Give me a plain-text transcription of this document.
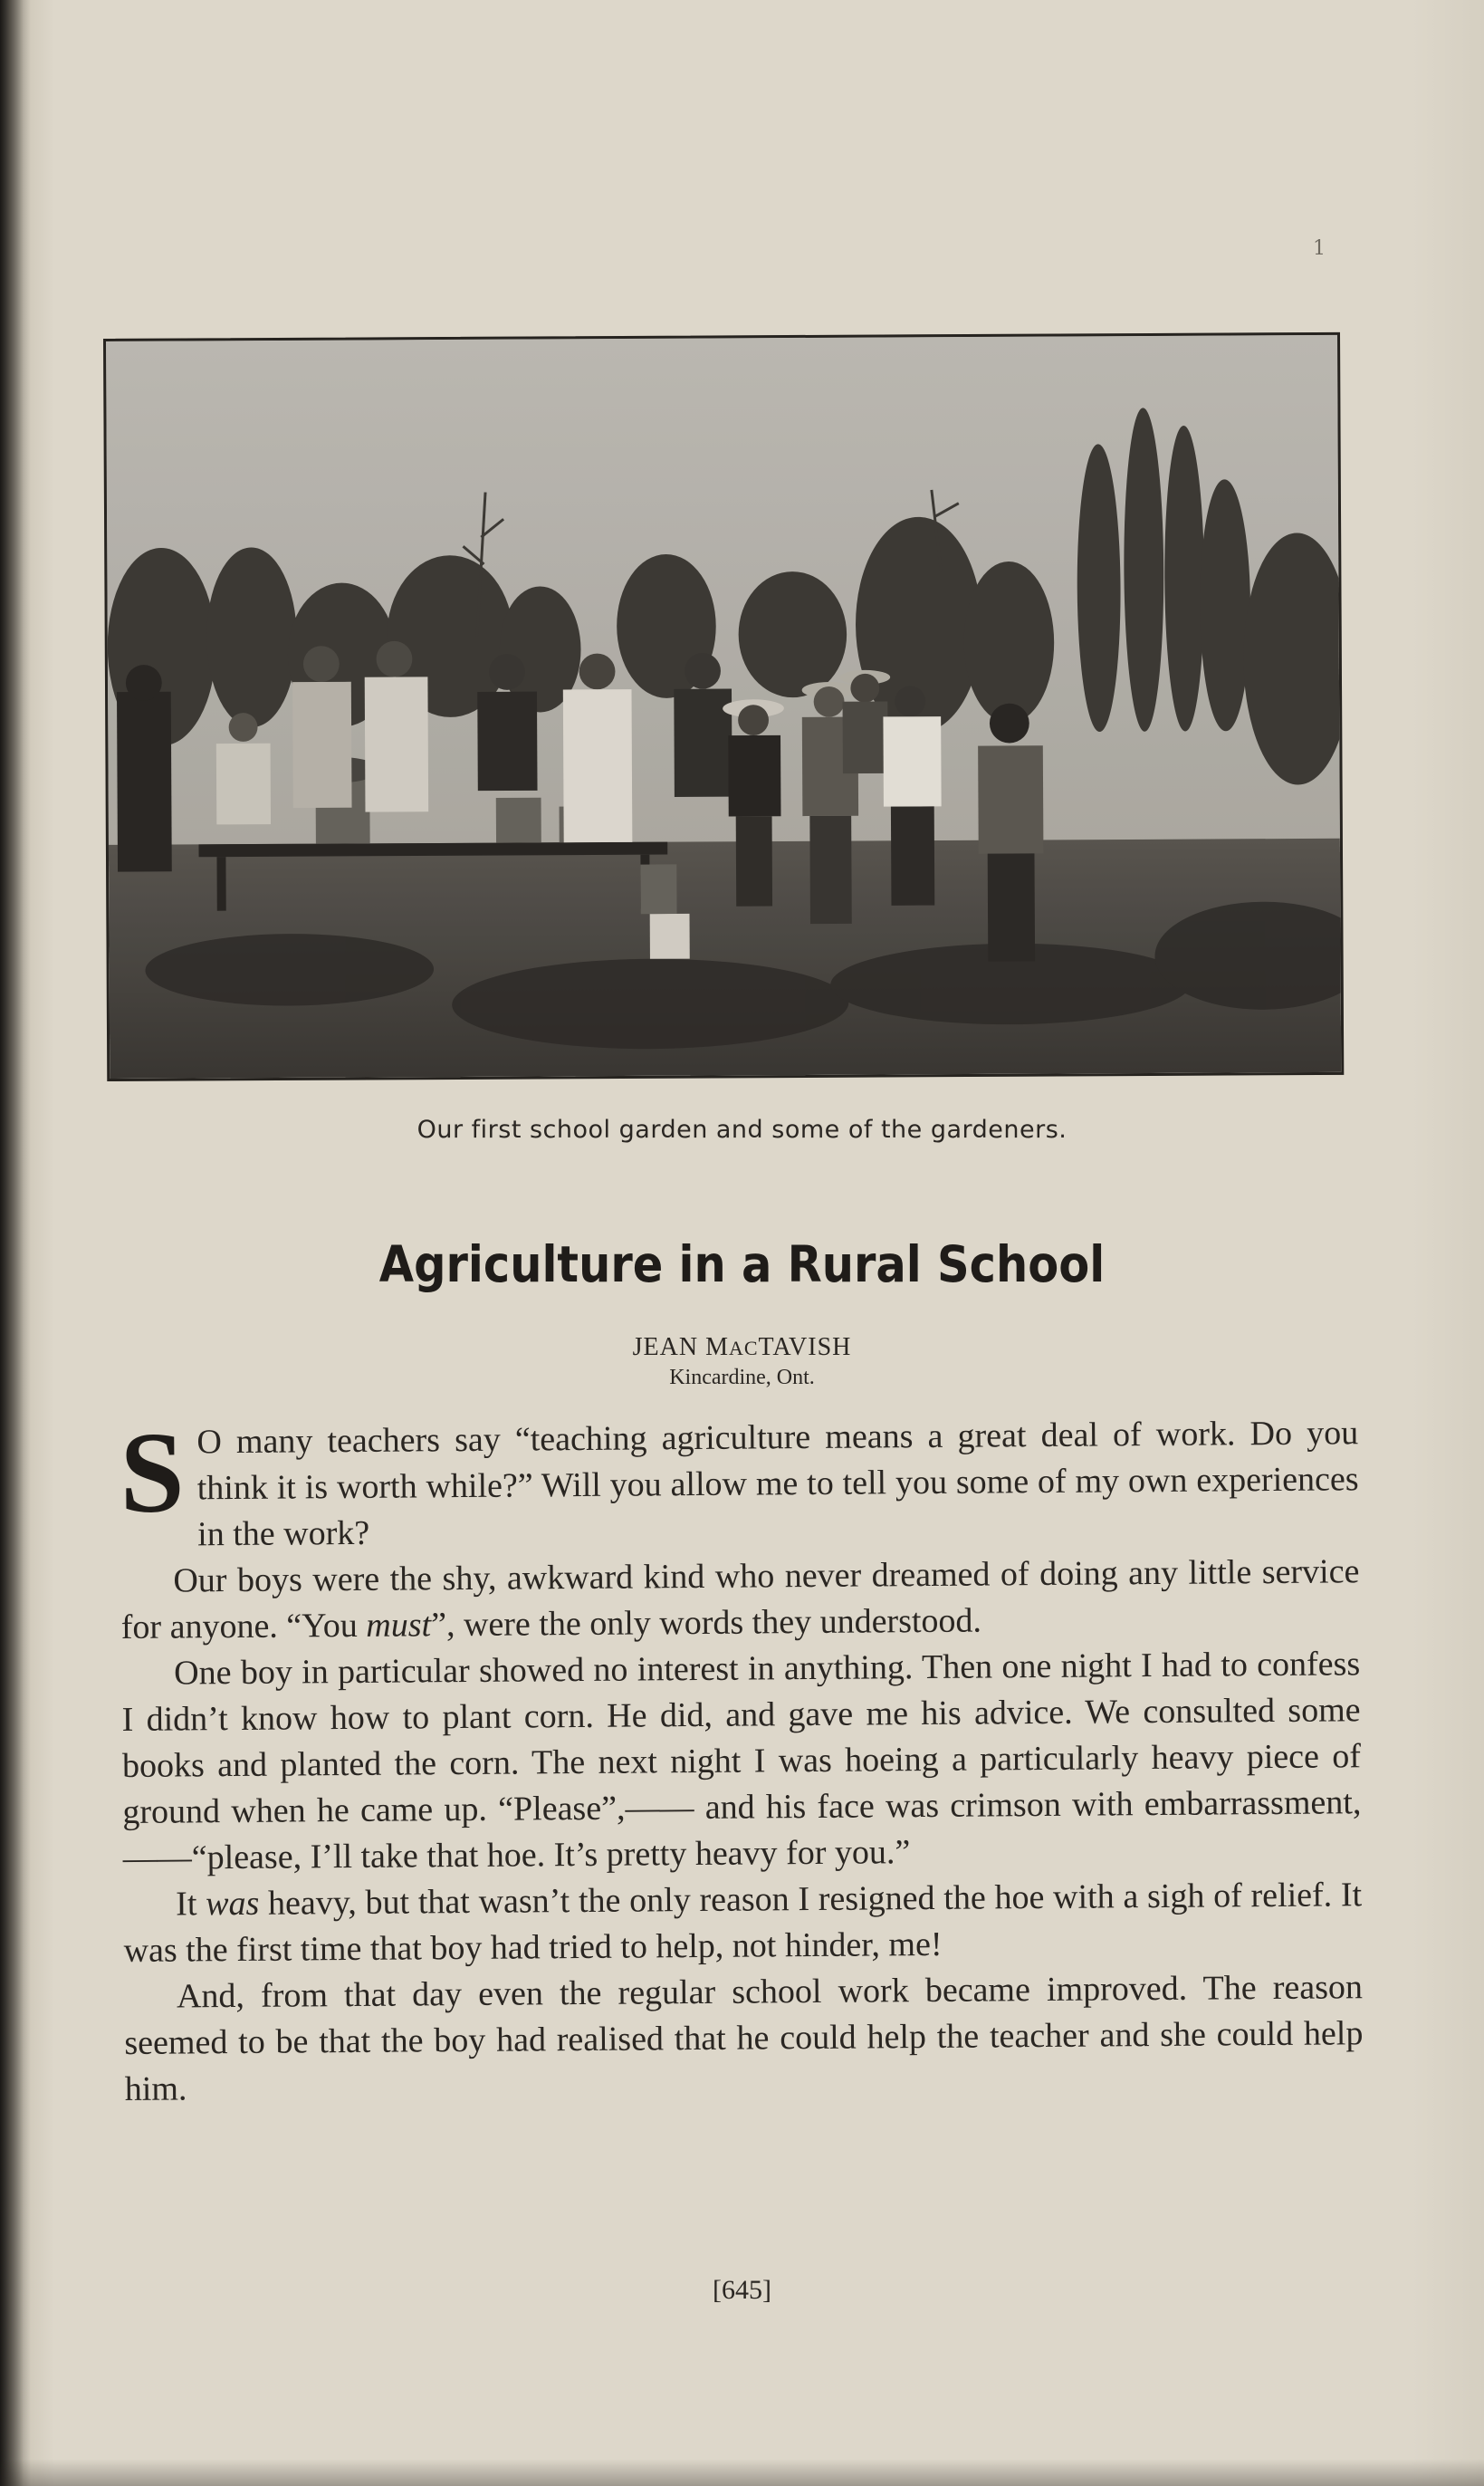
1
Our first school garden and some of the gardeners.
Agriculture in a Rural School
JEAN MACTAVISH
Kincardine, Ont.

S O many teachers say “teaching agriculture means a great deal of work. Do you think it is worth while?” Will you allow me to tell you some of my own experiences in the work?

Our boys were the shy, awkward kind who never dreamed of doing any little service for anyone. “You must”, were the only words they understood.

One boy in particular showed no interest in anything. Then one night I had to confess I didn’t know how to plant corn. He did, and gave me his advice. We consulted some books and planted the corn. The next night I was hoeing a particularly heavy piece of ground when he came up. “Please”,—— and his face was crimson with embarrassment, ——“please, I’ll take that hoe. It’s pretty heavy for you.”

It was heavy, but that wasn’t the only reason I resigned the hoe with a sigh of relief. It was the first time that boy had tried to help, not hinder, me!

And, from that day even the regular school work became improved. The reason seemed to be that the boy had realised that he could help the teacher and she could help him.

[645]
